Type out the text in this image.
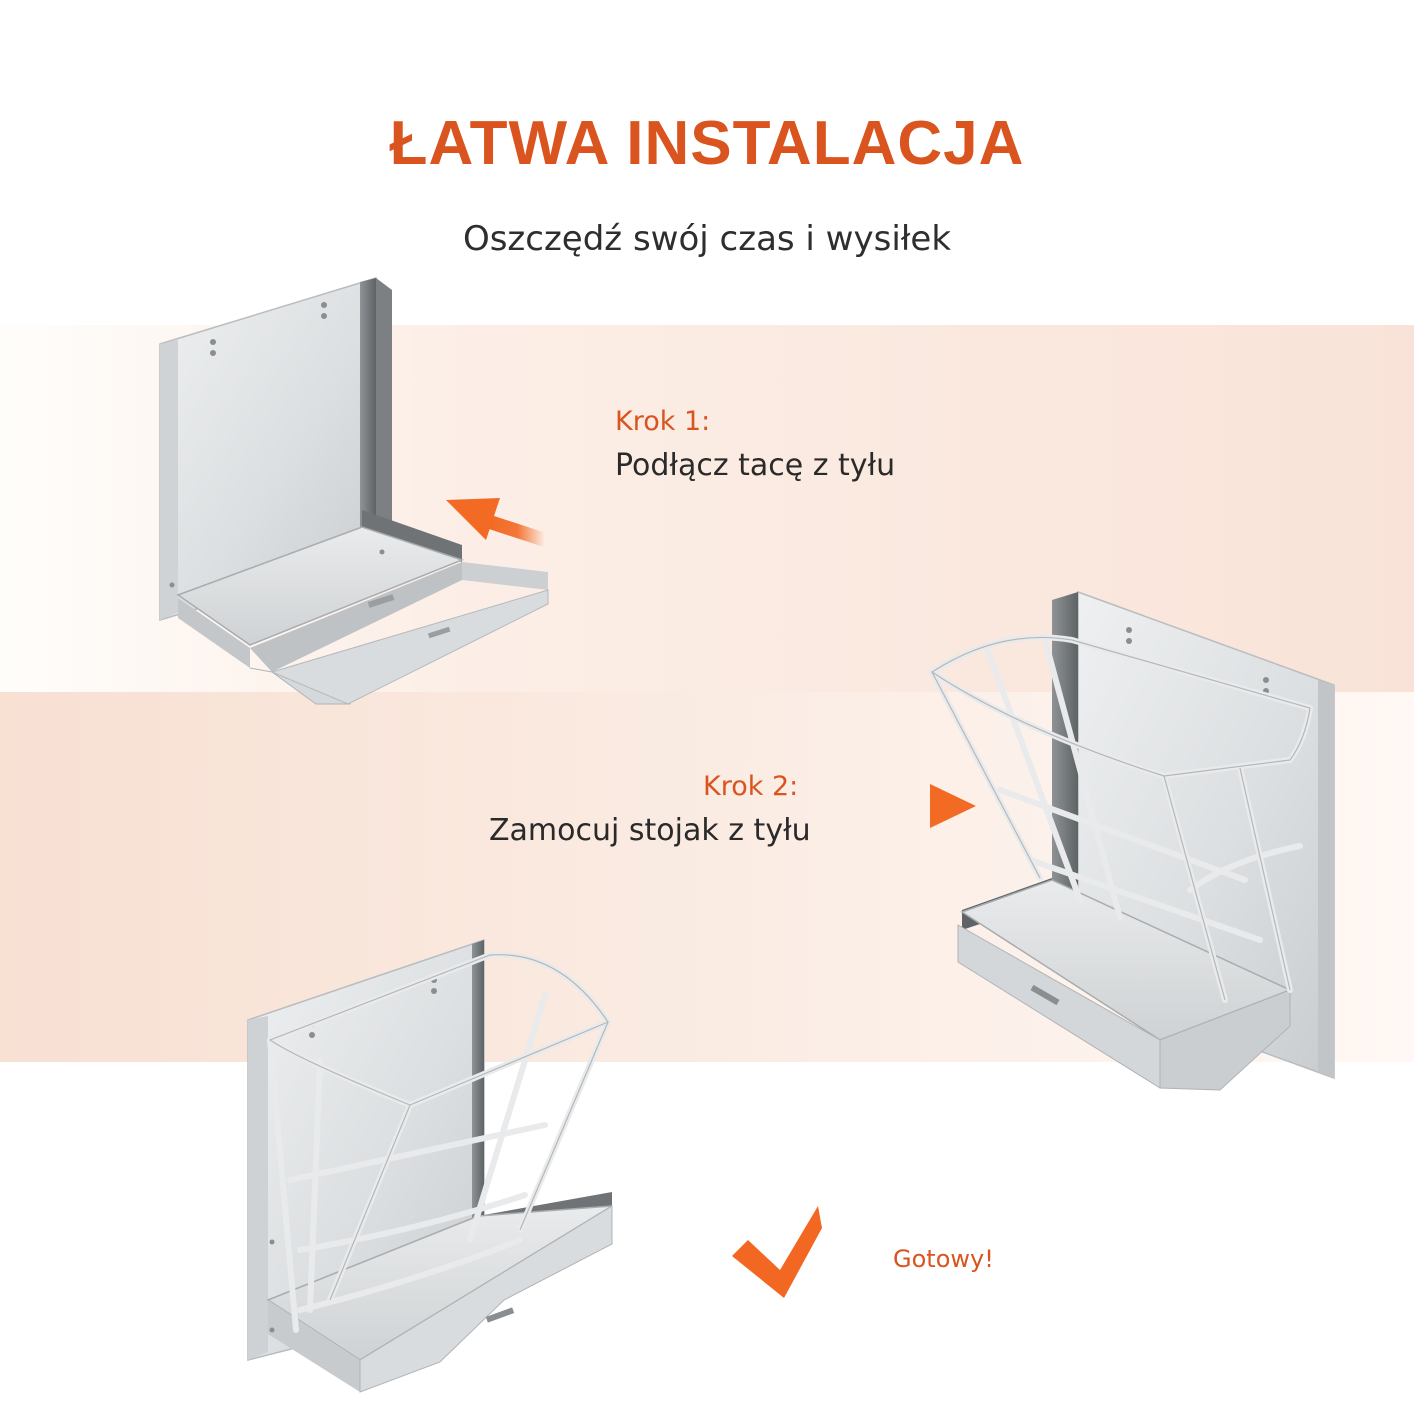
ŁATWA INSTALACJA
Oszczędź swój czas i wysiłek
Krok 1:
Podłącz tacę z tyłu
Krok 2:
Zamocuj stojak z tyłu
Gotowy!
